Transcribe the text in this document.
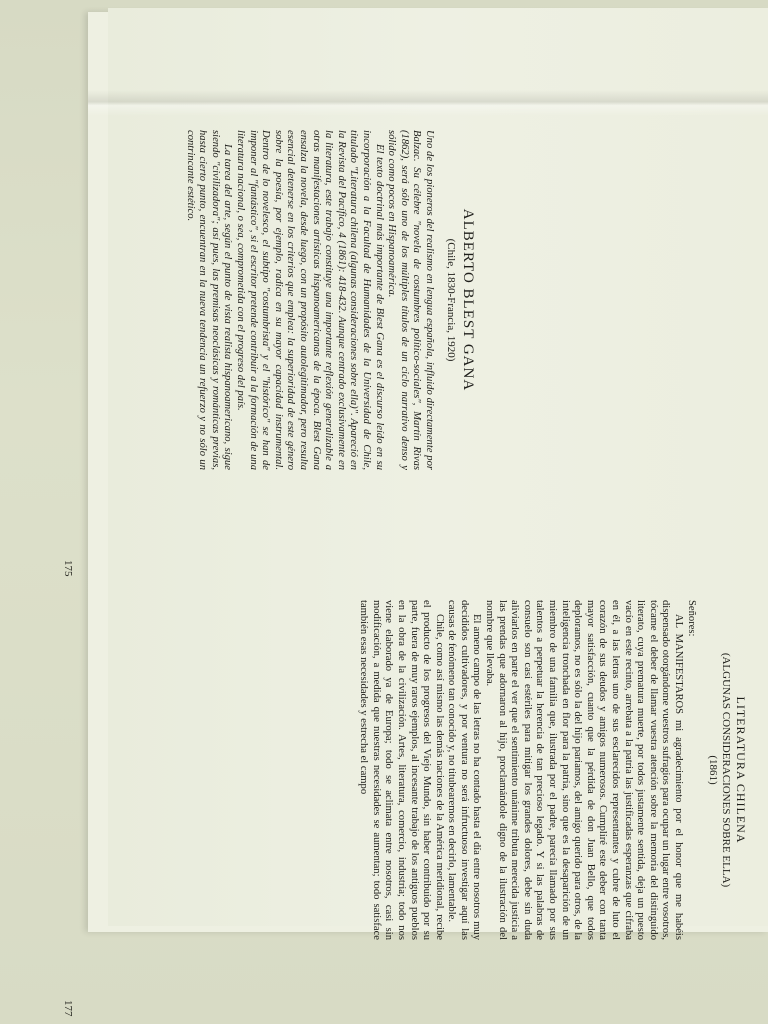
ALBERTO BLEST GANA

(Chile, 1830-Francia, 1920)

Uno de los pioneros del realismo en lengua española, influido directamente por Balzac. Su célebre "novela de costumbres político-sociales", Martín Rivas (1862), será sólo uno de los múltiples títulos de un ciclo narrativo denso y sólido como pocos en Hispanoamérica.

El texto doctrinal más importante de Blest Gana es el discurso leído en su incorporación a la Facultad de Humanidades de la Universidad de Chile, titulado "Literatura chilena (algunas consideraciones sobre ella)". Apareció en la Revista del Pacífico, 4 (1861): 418-432. Aunque centrado exclusivamente en la literatura, este trabajo constituye una importante reflexión generalizable a otras manifestaciones artísticas hispanoamericanas de la época. Blest Gana ensalza la novela, desde luego, con un propósito autolegitimador, pero resulta esencial detenerse en los criterios que emplea: la superioridad de este género sobre la poesía, por ejemplo, radica en su mayor capacidad instrumental. Dentro de lo novelesco, el subtipo "costumbrista" y el "histórico" se han de imponer al "fantástico", si el escritor pretende contribuir a la formación de una literatura nacional, o sea, comprometida con el progreso del país.

La tarea del arte, según el punto de vista realista hispanoamericano, sigue siendo "civilizadora"; así pues, las premisas neoclásicas y románticas previas, hasta cierto punto, encuentran en la nueva tendencia un refuerzo y no sólo un contrincante estético.

175

LITERATURA CHILENA

(ALGUNAS CONSIDERACIONES SOBRE ELLA)

(1861)

Señores:

AL MANIFESTAROS mi agradecimiento por el honor que me habéis dispensado otorgándome vuestros sufragios para ocupar un lugar entre vosotros, tócame el deber de llamar vuestra atención sobre la memoria del distinguido literato, cuya prematura muerte, por todos justamente sentida, deja un puesto vacío en este recinto, arrebata a la patria las justificadas esperanzas que cifraba en él, a las letras uno de sus esclarecidos representantes y cubre de luto el corazón de sus deudos y amigos numerosos. Cumpliré este deber con tanta mayor satisfacción, cuanto que la pérdida de don Juan Bello, que todos deploramos, no es sólo la del hijo pariamos, del amigo querido para otros, de la inteligencia tronchada en flor para la patria, sino que es la desaparición de un miembro de una familia que, ilustrada por el padre, parecía llamado por sus talentos a perpetuar la herencia de tan precioso legado. Y si las palabras de consuelo son casi estériles para mitigar los grandes dolores, debe sin duda aliviarlos en parte el ver que el sentimiento unánime tributa merecida justicia a las prendas que adornaron al hijo, proclamándole digno de la ilustración del nombre que llevaba.

El ameno campo de las letras no ha contado hasta el día entre nosotros muy decididos cultivadores, y por ventura no será infructuoso investigar aquí las causas de fenómeno tan conocido y, no titubearemos en decirlo, lamentable.

Chile, como así mismo las demás naciones de la América meridional, recibe el producto de los progresos del Viejo Mundo, sin haber contribuido por su parte, fuera de muy raros ejemplos, al incesante trabajo de los antiguos pueblos en la obra de la civilización. Artes, literatura, comercio, industria; todo nos viene elaborado ya de Europa; todo se aclimata entre nosotros, casi sin modificación, a medida que nuestras necesidades se aumentan; todo satisface también esas necesidades y estrecha el campo

177
